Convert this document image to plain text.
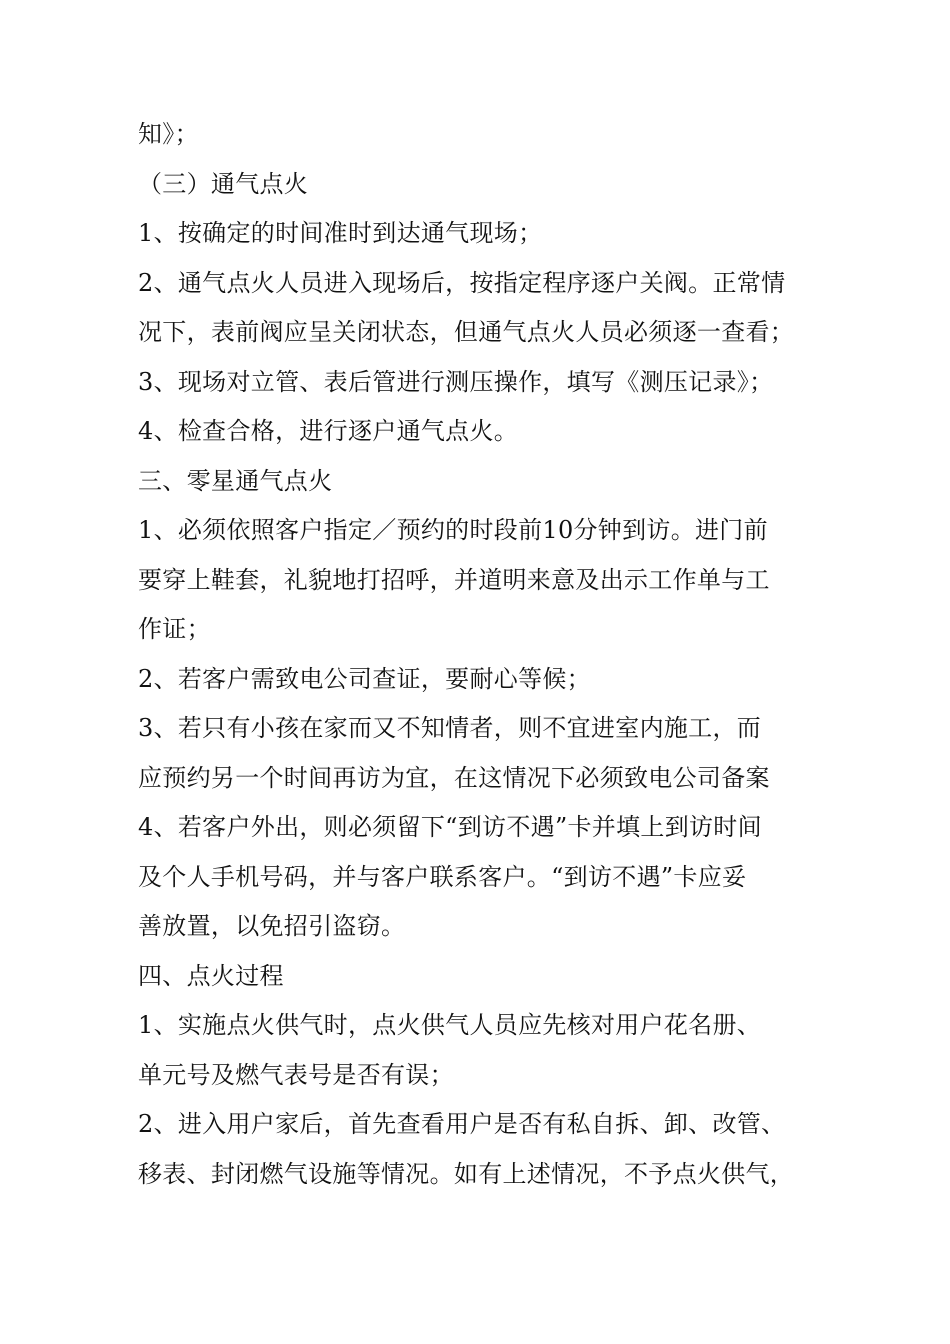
知》；
（三）通气点火
1、按确定的时间准时到达通气现场；
2、通气点火人员进入现场后，按指定程序逐户关阀。正常情
况下，表前阀应呈关闭状态，但通气点火人员必须逐一查看；
3、现场对立管、表后管进行测压操作，填写《测压记录》；
4、检查合格，进行逐户通气点火。
三、零星通气点火
1、必须依照客户指定／预约的时段前10分钟到访。进门前
要穿上鞋套，礼貌地打招呼，并道明来意及出示工作单与工
作证；
2、若客户需致电公司查证，要耐心等候；
3、若只有小孩在家而又不知情者，则不宜进室内施工，而
应预约另一个时间再访为宜，在这情况下必须致电公司备案
4、若客户外出，则必须留下“到访不遇”卡并填上到访时间
及个人手机号码，并与客户联系客户。“到访不遇”卡应妥
善放置，以免招引盗窃。
四、点火过程
1、实施点火供气时，点火供气人员应先核对用户花名册、
单元号及燃气表号是否有误；
2、进入用户家后，首先查看用户是否有私自拆、卸、改管、
移表、封闭燃气设施等情况。如有上述情况，不予点火供气，
